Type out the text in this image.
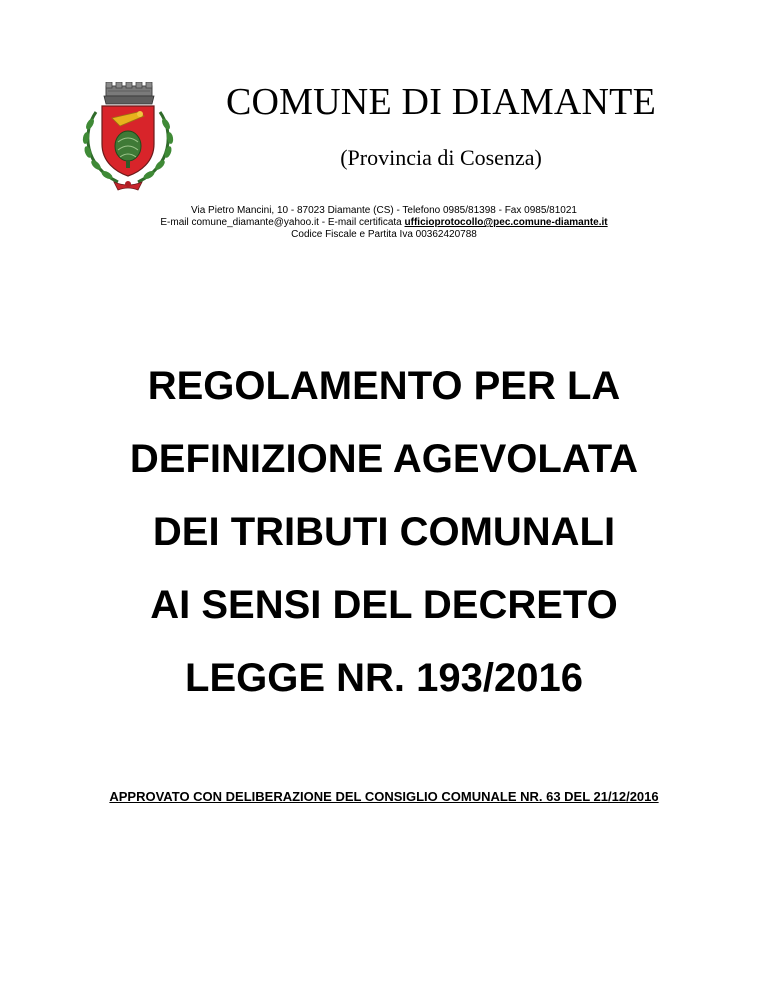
COMUNE DI DIAMANTE
(Provincia di Cosenza)
Via Pietro Mancini, 10 - 87023 Diamante (CS) - Telefono 0985/81398 - Fax 0985/81021
E-mail comune_diamante@yahoo.it - E-mail certificata ufficioprotocollo@pec.comune-diamante.it
Codice Fiscale e Partita Iva 00362420788
REGOLAMENTO PER LA
DEFINIZIONE AGEVOLATA
DEI TRIBUTI COMUNALI
AI SENSI DEL DECRETO
LEGGE NR. 193/2016
APPROVATO CON DELIBERAZIONE DEL CONSIGLIO COMUNALE NR. 63 DEL 21/12/2016
